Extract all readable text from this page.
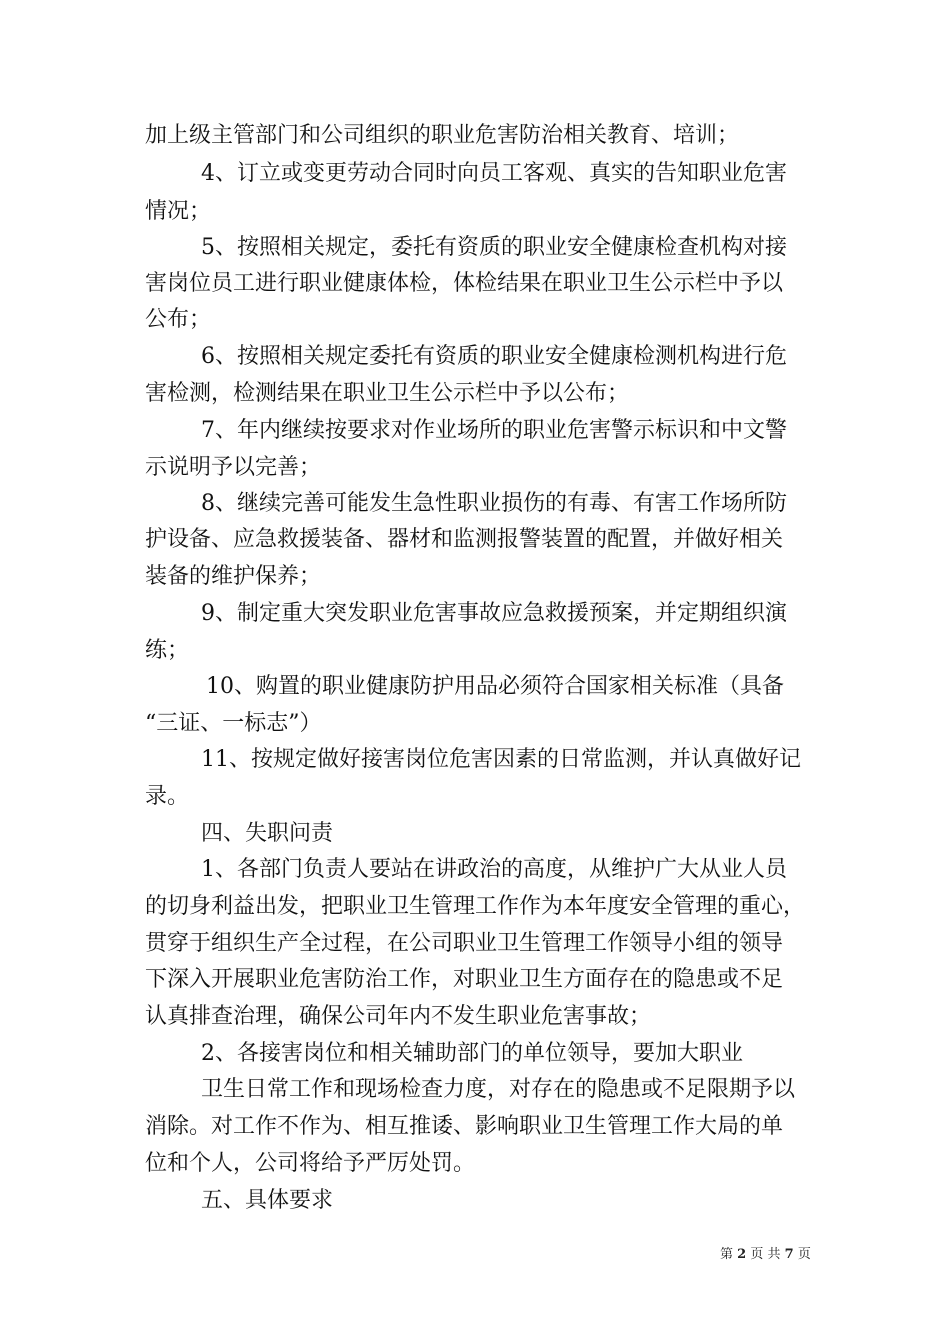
加上级主管部门和公司组织的职业危害防治相关教育、培训；
4、订立或变更劳动合同时向员工客观、真实的告知职业危害
情况；
5、按照相关规定，委托有资质的职业安全健康检查机构对接
害岗位员工进行职业健康体检，体检结果在职业卫生公示栏中予以
公布；
6、按照相关规定委托有资质的职业安全健康检测机构进行危
害检测，检测结果在职业卫生公示栏中予以公布；
7、年内继续按要求对作业场所的职业危害警示标识和中文警
示说明予以完善；
8、继续完善可能发生急性职业损伤的有毒、有害工作场所防
护设备、应急救援装备、器材和监测报警装置的配置，并做好相关
装备的维护保养；
9、制定重大突发职业危害事故应急救援预案，并定期组织演
练；
10、购置的职业健康防护用品必须符合国家相关标准（具备
“三证、一标志”）
11、按规定做好接害岗位危害因素的日常监测，并认真做好记
录。
四、失职问责
1、各部门负责人要站在讲政治的高度，从维护广大从业人员
的切身利益出发，把职业卫生管理工作作为本年度安全管理的重心，
贯穿于组织生产全过程，在公司职业卫生管理工作领导小组的领导
下深入开展职业危害防治工作，对职业卫生方面存在的隐患或不足
认真排查治理，确保公司年内不发生职业危害事故；
2、各接害岗位和相关辅助部门的单位领导，要加大职业
卫生日常工作和现场检查力度，对存在的隐患或不足限期予以
消除。对工作不作为、相互推诿、影响职业卫生管理工作大局的单
位和个人，公司将给予严厉处罚。
五、具体要求
第 2 页 共 7 页
